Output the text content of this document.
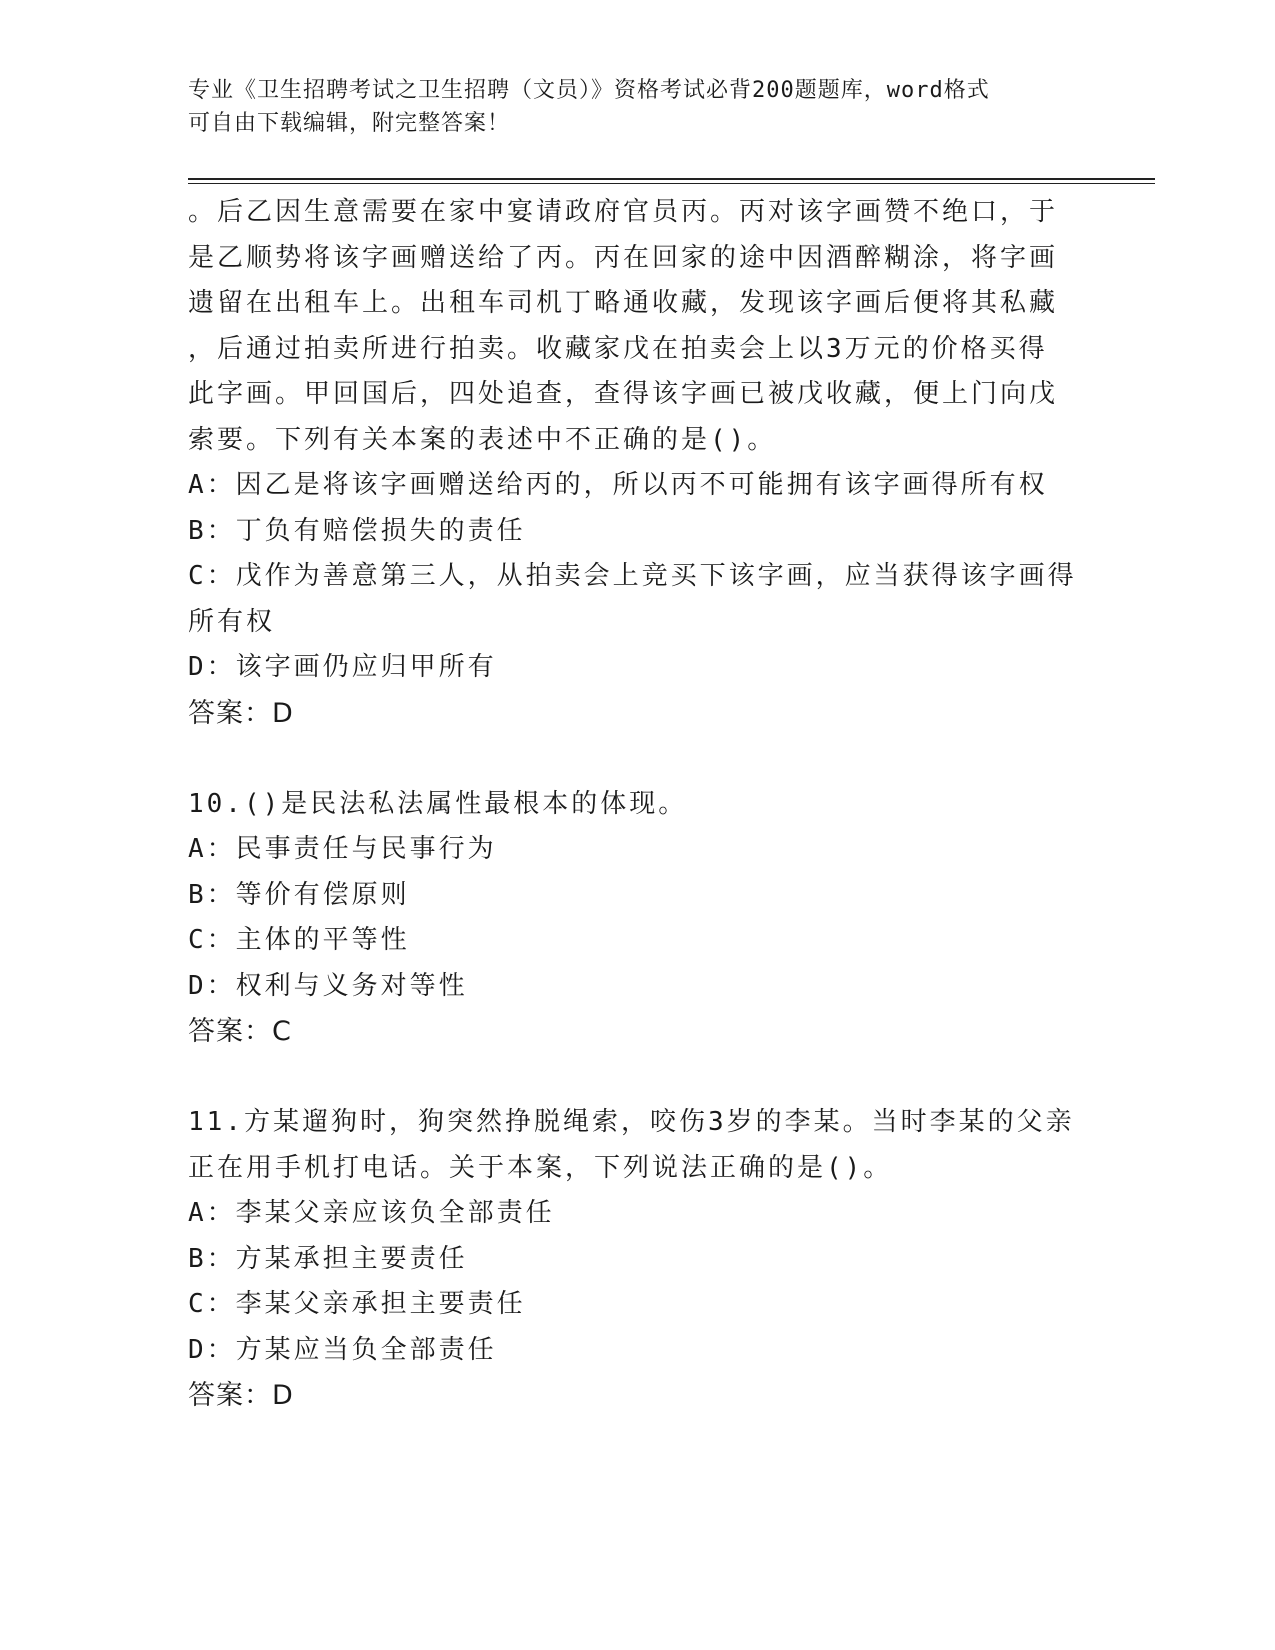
专业《卫生招聘考试之卫生招聘（文员）》资格考试必背200题题库，word格式
可自由下载编辑，附完整答案！

。后乙因生意需要在家中宴请政府官员丙。丙对该字画赞不绝口，于

是乙顺势将该字画赠送给了丙。丙在回家的途中因酒醉糊涂，将字画

遗留在出租车上。出租车司机丁略通收藏，发现该字画后便将其私藏

，后通过拍卖所进行拍卖。收藏家戊在拍卖会上以3万元的价格买得

此字画。甲回国后，四处追查，查得该字画已被戊收藏，便上门向戊

索要。下列有关本案的表述中不正确的是()。

A：因乙是将该字画赠送给丙的，所以丙不可能拥有该字画得所有权

B：丁负有赔偿损失的责任

C：戊作为善意第三人，从拍卖会上竞买下该字画，应当获得该字画得

所有权

D：该字画仍应归甲所有

答案：D

10.()是民法私法属性最根本的体现。

A：民事责任与民事行为

B：等价有偿原则

C：主体的平等性

D：权利与义务对等性

答案：C

11.方某遛狗时，狗突然挣脱绳索，咬伤3岁的李某。当时李某的父亲

正在用手机打电话。关于本案，下列说法正确的是()。

A：李某父亲应该负全部责任

B：方某承担主要责任

C：李某父亲承担主要责任

D：方某应当负全部责任

答案：D
